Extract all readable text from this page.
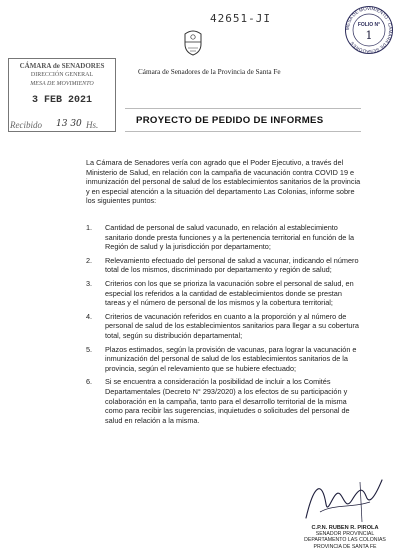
42651-JI
MESA DE MOVIMIENTO · CÁMARA DE SENADORES
FOLIO N°
1
CÁMARA de SENADORES
DIRECCIÓN GENERAL
MESA DE MOVIMIENTO
3 FEB 2021
Recibido 13 30 Hs.
Cámara de Senadores de la Provincia de Santa Fe
PROYECTO DE PEDIDO DE INFORMES
La Cámara de Senadores vería con agrado que el Poder Ejecutivo, a través del Ministerio de Salud, en relación con la campaña de vacunación contra COVID 19 e inmunización del personal de salud de los establecimientos sanitarios de la provincia y en especial atención a la situación del departamento Las Colonias, informe sobre los siguientes puntos:
1. Cantidad de personal de salud vacunado, en relación al establecimiento sanitario donde presta funciones y a la pertenencia territorial en función de la Región de salud y la jurisdicción por departamento;
2. Relevamiento efectuado del personal de salud a vacunar, indicando el número total de los mismos, discriminado por departamento y región de salud;
3. Criterios con los que se prioriza la vacunación sobre el personal de salud, en especial los referidos a la cantidad de establecimientos donde se prestan tareas y el número de personal de los mismos y la cobertura territorial;
4. Criterios de vacunación referidos en cuanto a la proporción y al número de personal de salud de los establecimientos sanitarios para llegar a su cobertura total, según su distribución departamental;
5. Plazos estimados, según la provisión de vacunas, para lograr la vacunación e inmunización del personal de salud de los establecimientos sanitarios de la provincia, según el relevamiento que se hubiere efectuado;
6. Si se encuentra a consideración la posibilidad de incluir a los Comités Departamentales (Decreto N° 293/2020) a los efectos de su participación y colaboración en la campaña, tanto para el desarrollo territorial de la misma como para recibir las sugerencias, inquietudes o solicitudes del personal de salud en relación a la misma.
C.P.N. RUBEN R. PIROLA
SENADOR PROVINCIAL
DEPARTAMENTO LAS COLONIAS
PROVINCIA DE SANTA FE
